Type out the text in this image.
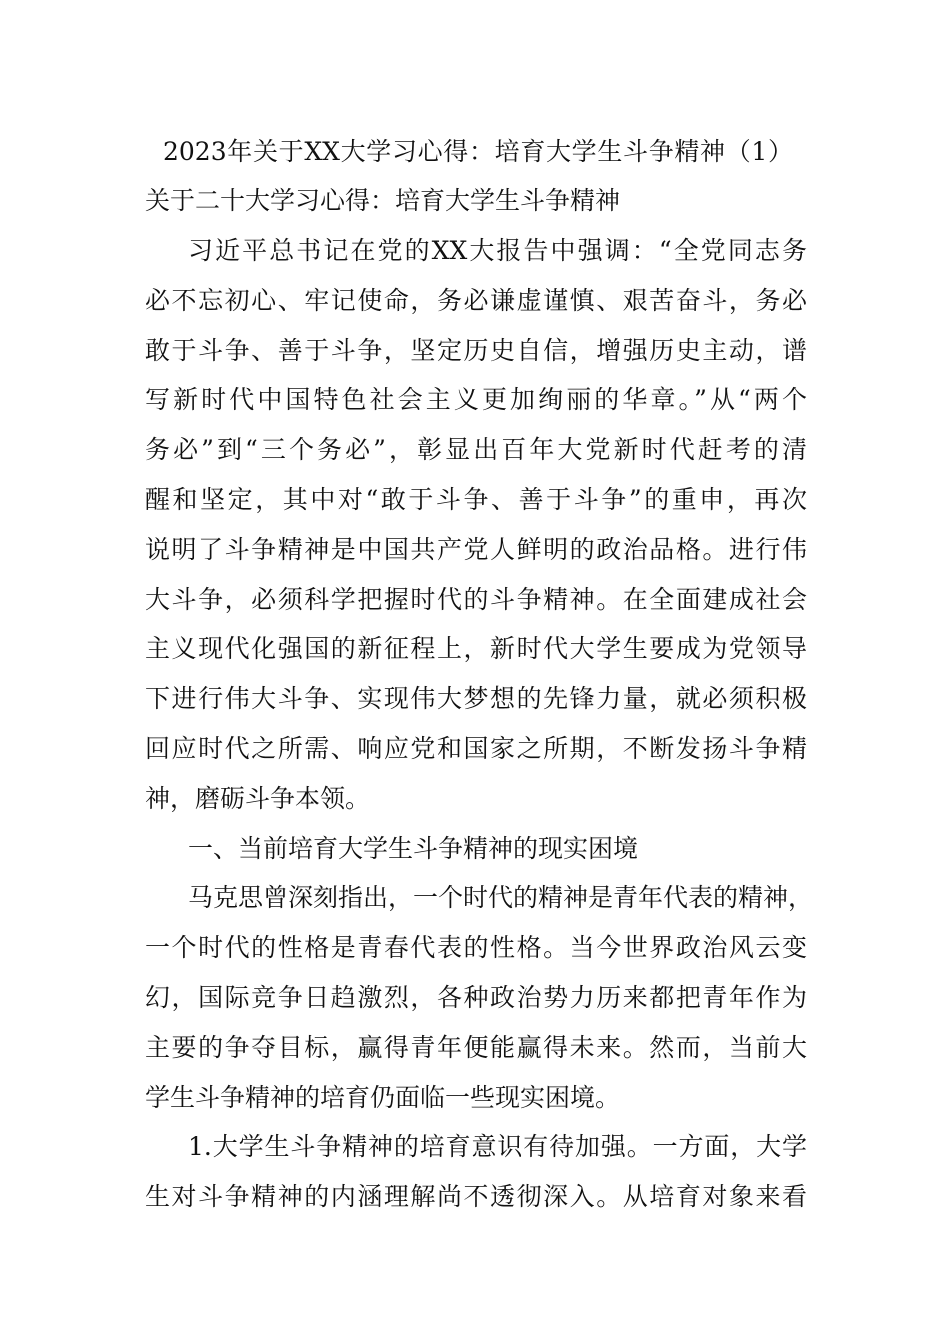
2023年关于XX大学习心得：培育大学生斗争精神（1）
关于二十大学习心得：培育大学生斗争精神
习近平总书记在党的XX大报告中强调：“全党同志务
必不忘初心、牢记使命，务必谦虚谨慎、艰苦奋斗，务必
敢于斗争、善于斗争，坚定历史自信，增强历史主动，谱
写新时代中国特色社会主义更加绚丽的华章。”从“两个
务必”到“三个务必”，彰显出百年大党新时代赶考的清
醒和坚定，其中对“敢于斗争、善于斗争”的重申，再次
说明了斗争精神是中国共产党人鲜明的政治品格。进行伟
大斗争，必须科学把握时代的斗争精神。在全面建成社会
主义现代化强国的新征程上，新时代大学生要成为党领导
下进行伟大斗争、实现伟大梦想的先锋力量，就必须积极
回应时代之所需、响应党和国家之所期，不断发扬斗争精
神，磨砺斗争本领。
一、当前培育大学生斗争精神的现实困境
马克思曾深刻指出，一个时代的精神是青年代表的精神，
一个时代的性格是青春代表的性格。当今世界政治风云变
幻，国际竞争日趋激烈，各种政治势力历来都把青年作为
主要的争夺目标，赢得青年便能赢得未来。然而，当前大
学生斗争精神的培育仍面临一些现实困境。
1.大学生斗争精神的培育意识有待加强。一方面，大学
生对斗争精神的内涵理解尚不透彻深入。从培育对象来看
